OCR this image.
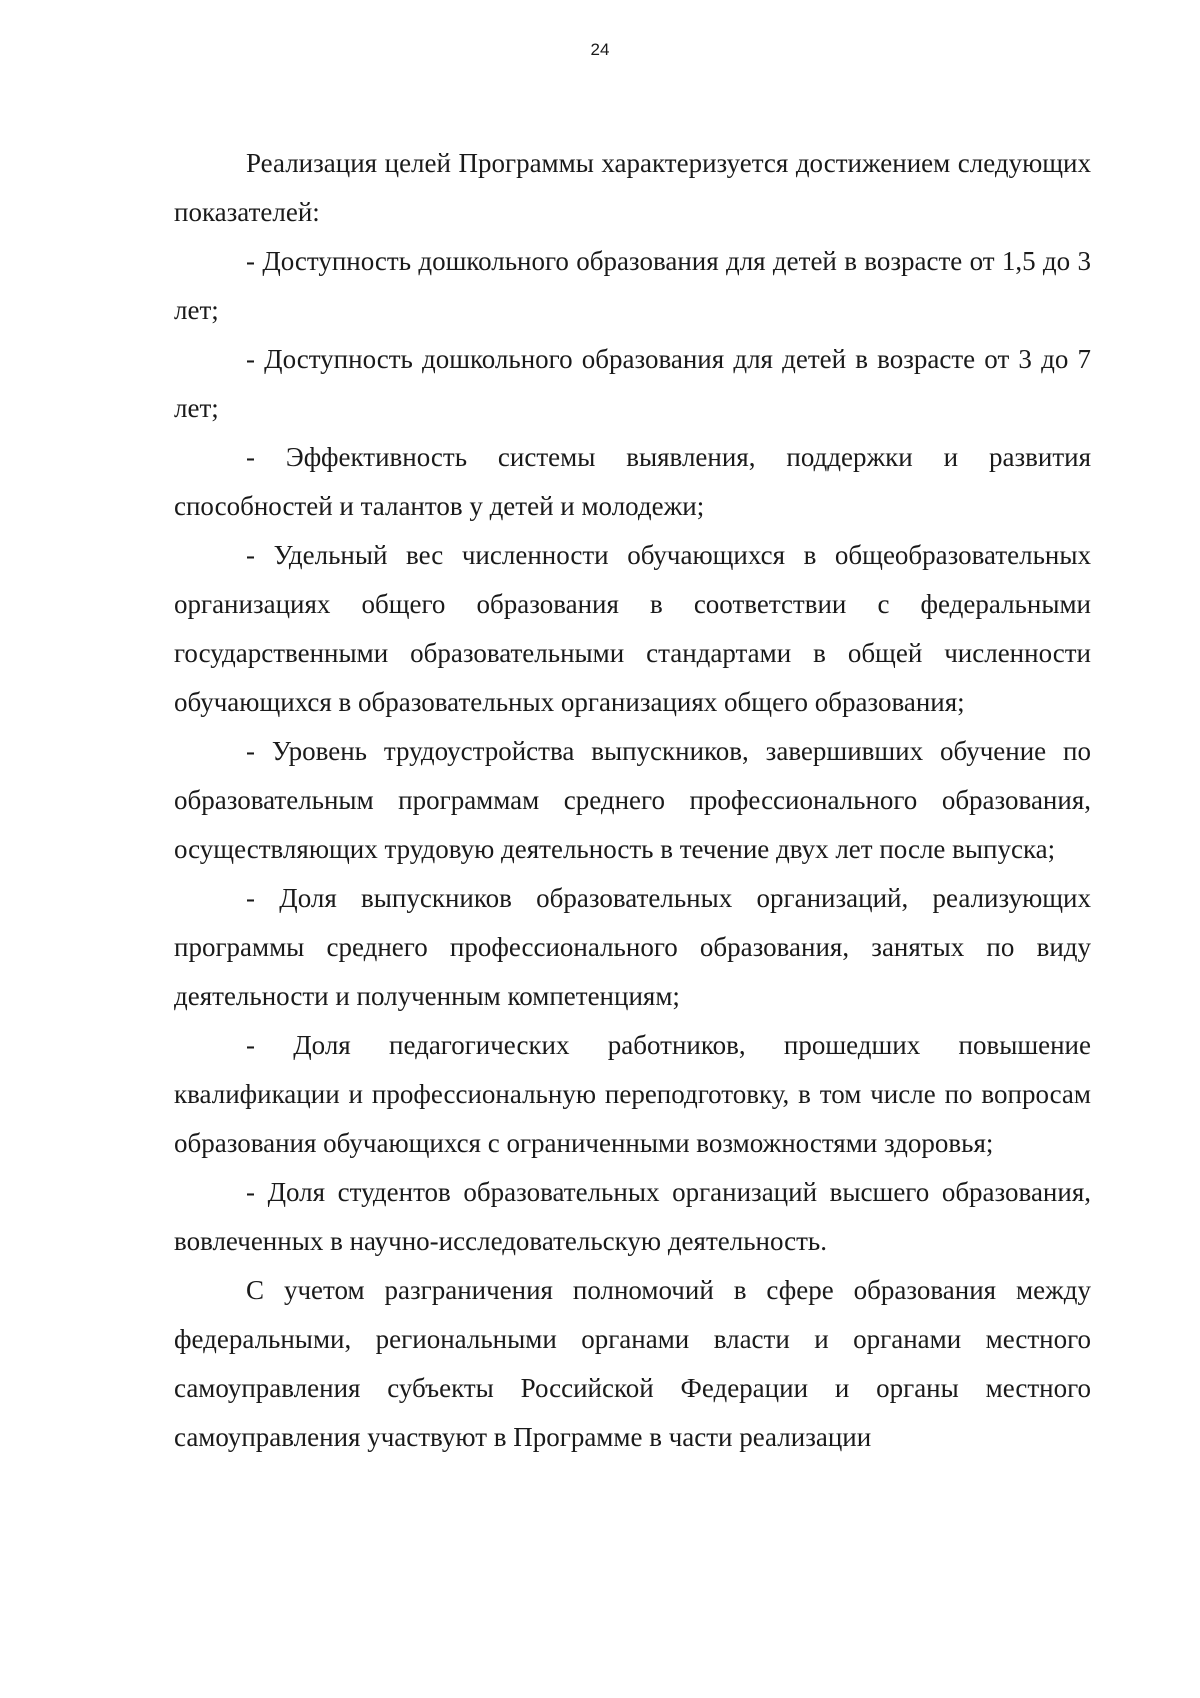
24

Реализация целей Программы характеризуется достижением следующих показателей:

- Доступность дошкольного образования для детей в возрасте от 1,5 до 3 лет;

- Доступность дошкольного образования для детей в возрасте от 3 до 7 лет;

- Эффективность системы выявления, поддержки и развития способностей и талантов у детей и молодежи;

- Удельный вес численности обучающихся в общеобразовательных организациях общего образования в соответствии с федеральными государственными образовательными стандартами в общей численности обучающихся в образовательных организациях общего образования;

- Уровень трудоустройства выпускников, завершивших обучение по образовательным программам среднего профессионального образования, осуществляющих трудовую деятельность в течение двух лет после выпуска;

- Доля выпускников образовательных организаций, реализующих программы среднего профессионального образования, занятых по виду деятельности и полученным компетенциям;

- Доля педагогических работников, прошедших повышение квалификации и профессиональную переподготовку, в том числе по вопросам образования обучающихся с ограниченными возможностями здоровья;

- Доля студентов образовательных организаций высшего образования, вовлеченных в научно-исследовательскую деятельность.

С учетом разграничения полномочий в сфере образования между федеральными, региональными органами власти и органами местного самоуправления субъекты Российской Федерации и органы местного самоуправления участвуют в Программе в части реализации
